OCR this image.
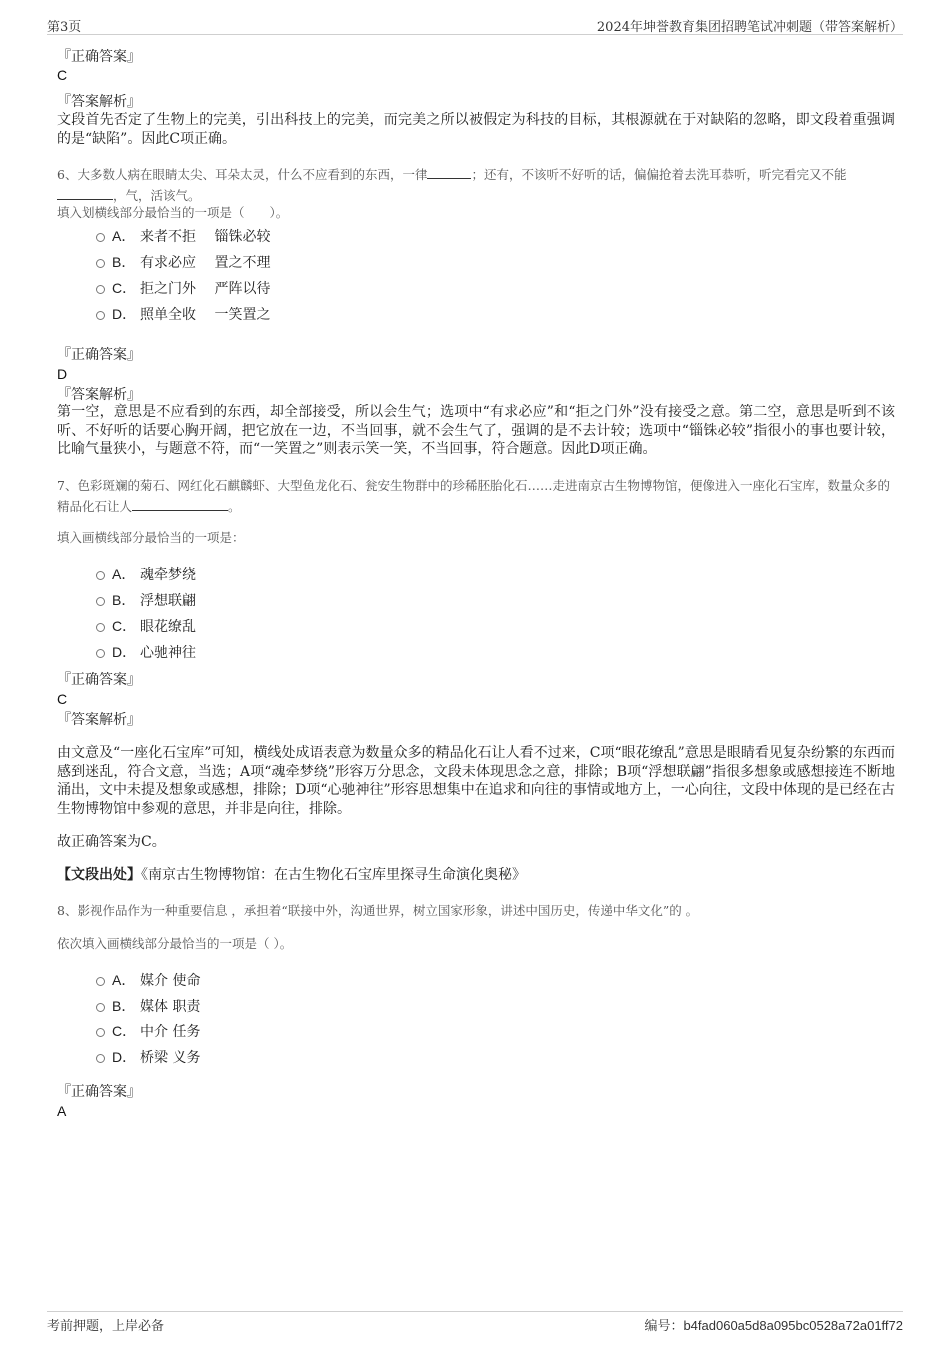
第3页	2024年坤誉教育集团招聘笔试冲刺题（带答案解析）
『正确答案』
C
『答案解析』
文段首先否定了生物上的完美，引出科技上的完美，而完美之所以被假定为科技的目标，其根源就在于对缺陷的忽略，即文段着重强调的是“缺陷”。因此C项正确。
6、大多数人病在眼睛太尖、耳朵太灵，什么不应看到的东西，一律	；还有，不该听不好听的话，偏偏抢着去洗耳恭听，听完看完又不能，气，活该气。
填入划横线部分最恰当的一项是（　　）。
A． 来者不拒　 锱铢必较
B． 有求必应　 置之不理
C． 拒之门外　 严阵以待
D． 照单全收　 一笑置之
『正确答案』
D
『答案解析』
第一空，意思是不应看到的东西，却全部接受，所以会生气；选项中“有求必应”和“拒之门外”没有接受之意。第二空，意思是听到不该听、不好听的话要心胸开阔，把它放在一边，不当回事，就不会生气了，强调的是不去计较；选项中“锱铢必较”指很小的事也要计较，比喻气量狭小，与题意不符，而“一笑置之”则表示笑一笑，不当回事，符合题意。因此D项正确。
7、色彩斑斓的菊石、网红化石麒麟虾、大型鱼龙化石、瓮安生物群中的珍稀胚胎化石……走进南京古生物博物馆，便像进入一座化石宝库，数量众多的精品化石让人	。
填入画横线部分最恰当的一项是：
A． 魂牵梦绕
B． 浮想联翩
C． 眼花缭乱
D． 心驰神往
『正确答案』
C
『答案解析』
由文意及“一座化石宝库”可知，横线处成语表意为数量众多的精品化石让人看不过来，C项“眼花缭乱”意思是眼睛看见复杂纷繁的东西而感到迷乱，符合文意，当选；A项“魂牵梦绕”形容万分思念，文段未体现思念之意，排除；B项“浮想联翩”指很多想象或感想接连不断地涌出，文中未提及想象或感想，排除；D项“心驰神往”形容思想集中在追求和向往的事情或地方上，一心向往，文段中体现的是已经在古生物博物馆中参观的意思，并非是向往，排除。
故正确答案为C。
【文段出处】《南京古生物博物馆：在古生物化石宝库里探寻生命演化奥秘》
8、影视作品作为一种重要信息 ，承担着“联接中外，沟通世界，树立国家形象，讲述中国历史，传递中华文化”的 。
依次填入画横线部分最恰当的一项是（ ）。
A． 媒介 使命
B． 媒体 职责
C． 中介 任务
D． 桥梁 义务
『正确答案』
A
考前押题，上岸必备	编号：b4fad060a5d8a095bc0528a72a01ff72
